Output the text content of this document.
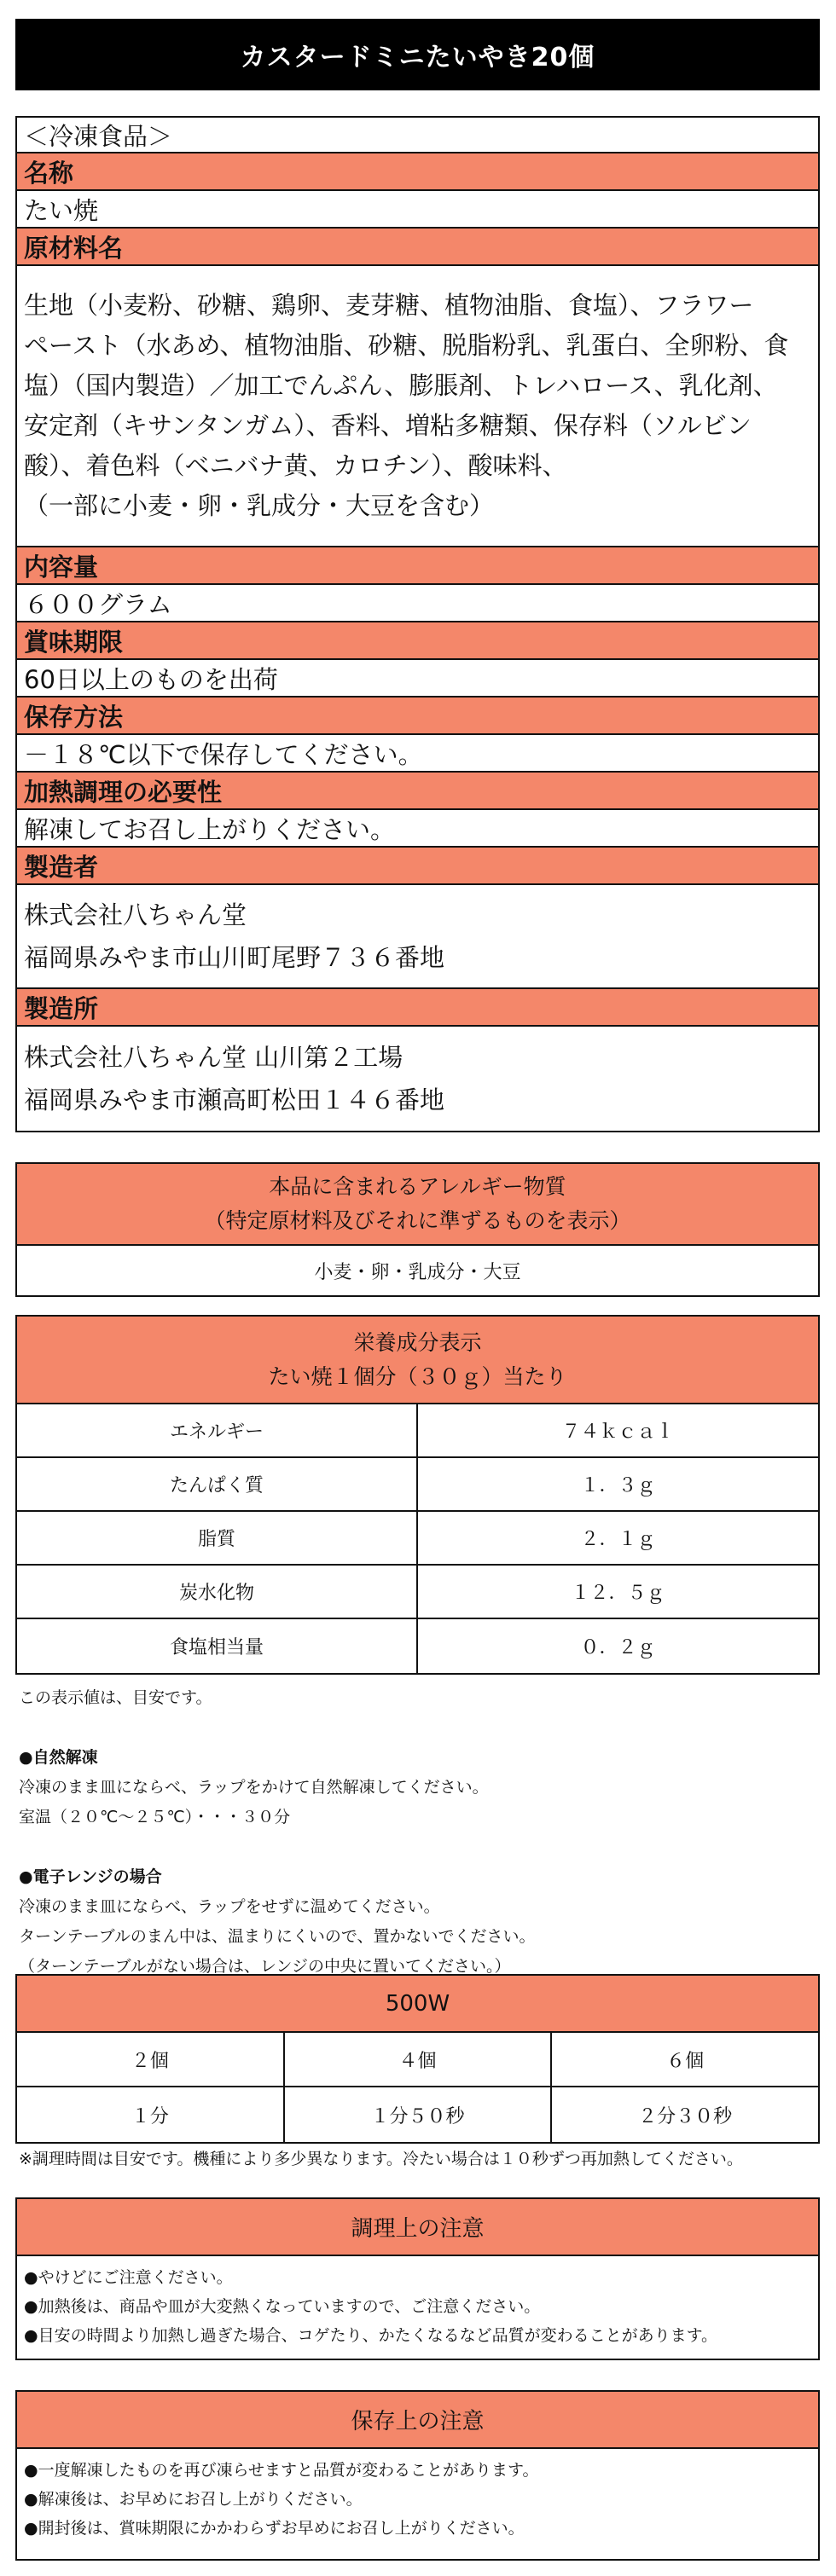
カスタードミニたいやき20個
＜冷凍食品＞
名称
たい焼
原材料名
生地（小麦粉、砂糖、鶏卵、麦芽糖、植物油脂、食塩）、フラワー
ペースト（水あめ、植物油脂、砂糖、脱脂粉乳、乳蛋白、全卵粉、食
塩）（国内製造）／加工でんぷん、膨脹剤、トレハロース、乳化剤、
安定剤（キサンタンガム）、香料、増粘多糖類、保存料（ソルビン
酸）、着色料（ベニバナ黄、カロチン）、酸味料、
（一部に小麦・卵・乳成分・大豆を含む）
内容量
６００グラム
賞味期限
60日以上のものを出荷
保存方法
－１８℃以下で保存してください。
加熱調理の必要性
解凍してお召し上がりください。
製造者
株式会社八ちゃん堂
福岡県みやま市山川町尾野７３６番地
製造所
株式会社八ちゃん堂 山川第２工場
福岡県みやま市瀬高町松田１４６番地
本品に含まれるアレルギー物質
（特定原材料及びそれに準ずるものを表示）
小麦・卵・乳成分・大豆
栄養成分表示
たい焼１個分（３０ｇ）当たり
エネルギー	７４ｋｃａｌ
たんぱく質	１．３ｇ
脂質	２．１ｇ
炭水化物	１２．５ｇ
食塩相当量	０．２ｇ
この表示値は、目安です。
●自然解凍
冷凍のまま皿にならべ、ラップをかけて自然解凍してください。
室温（２０℃～２５℃）・・・３０分
●電子レンジの場合
冷凍のまま皿にならべ、ラップをせずに温めてください。
ターンテーブルのまん中は、温まりにくいので、置かないでください。
（ターンテーブルがない場合は、レンジの中央に置いてください。）
500W
２個	４個	６個
１分	１分５０秒	２分３０秒
※調理時間は目安です。機種により多少異なります。冷たい場合は１０秒ずつ再加熱してください。
調理上の注意
●やけどにご注意ください。
●加熱後は、商品や皿が大変熱くなっていますので、ご注意ください。
●目安の時間より加熱し過ぎた場合、コゲたり、かたくなるなど品質が変わることがあります。
保存上の注意
●一度解凍したものを再び凍らせますと品質が変わることがあります。
●解凍後は、お早めにお召し上がりください。
●開封後は、賞味期限にかかわらずお早めにお召し上がりください。
